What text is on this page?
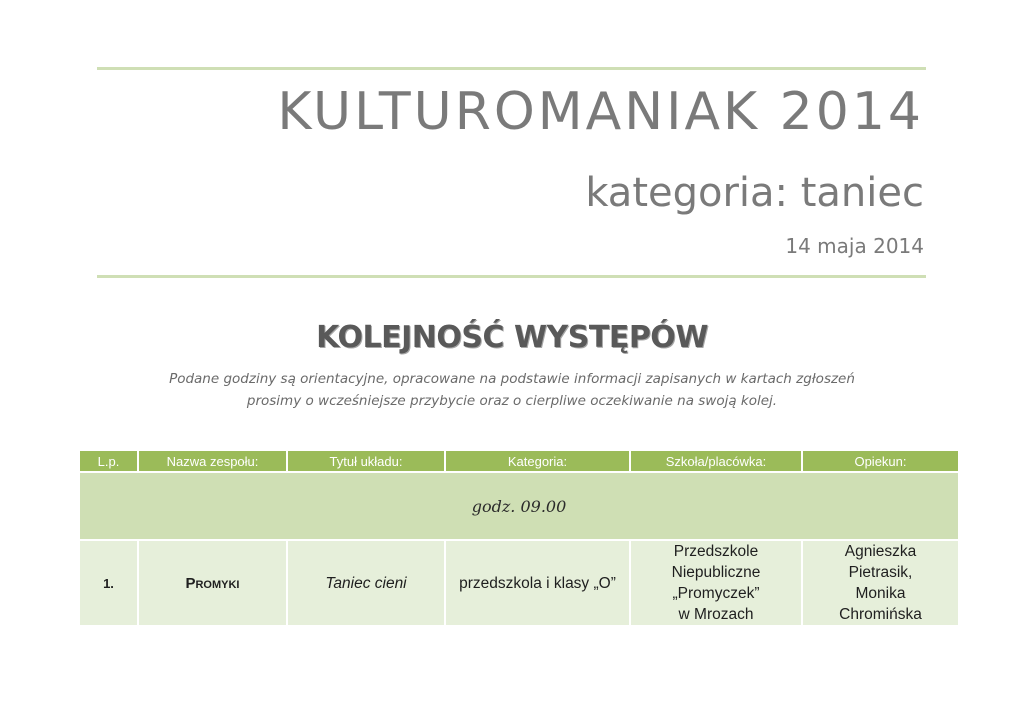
KULTUROMANIAK 2014
kategoria: taniec
14 maja 2014
KOLEJNOŚĆ WYSTĘPÓW
Podane godziny są orientacyjne, opracowane na podstawie informacji zapisanych w kartach zgłoszeń
prosimy o wcześniejsze przybycie oraz o cierpliwe oczekiwanie na swoją kolej.
L.p.	Nazwa zespołu:	Tytuł układu:	Kategoria:	Szkoła/placówka:	Opiekun:
godz. 09.00					
1.	Promyki	Taniec cieni	przedszkola i klasy „O”	Przedszkole
Niepubliczne
„Promyczek”
w Mrozach	Agnieszka
Pietrasik,
Monika
Chromińska
